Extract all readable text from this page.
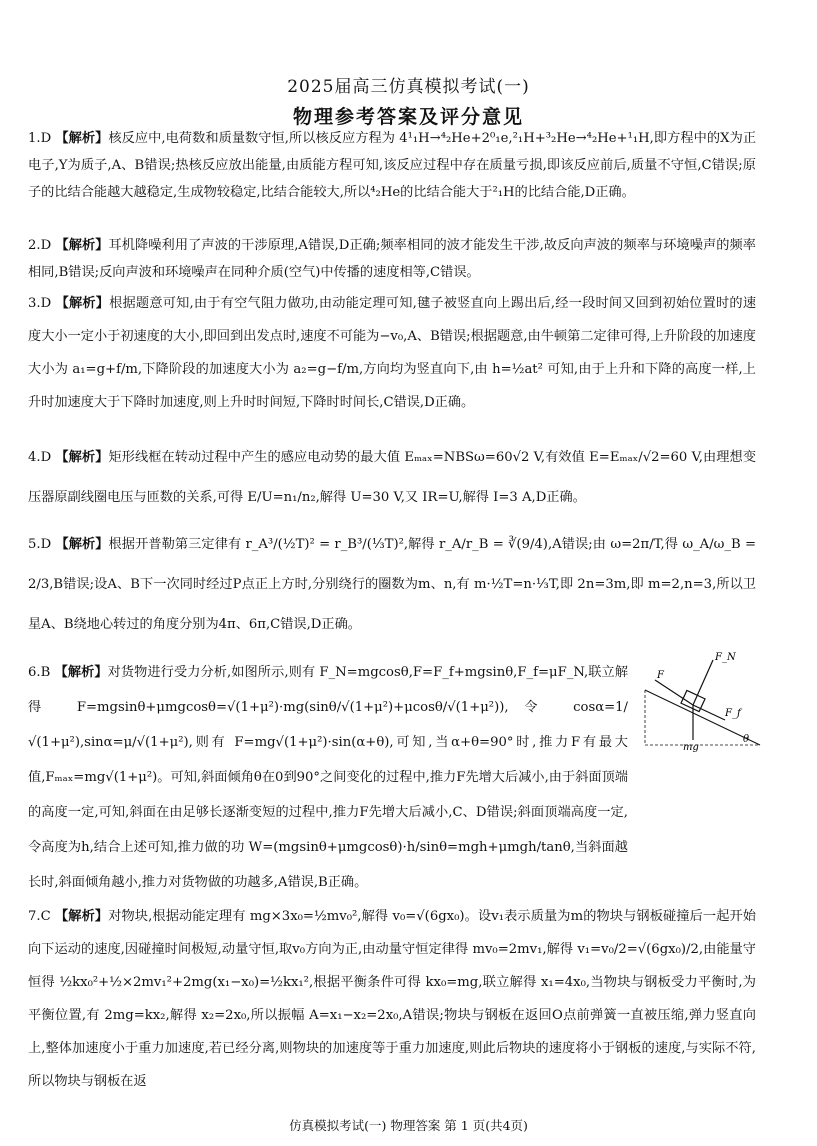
2025届高三仿真模拟考试(一)
物理参考答案及评分意见
1.D 【解析】核反应中,电荷数和质量数守恒,所以核反应方程为 4¹₁H→⁴₂He+2⁰₁e,²₁H+³₂He→⁴₂He+¹₁H,即方程中的X为正电子,Y为质子,A、B错误;热核反应放出能量,由质能方程可知,该反应过程中存在质量亏损,即该反应前后,质量不守恒,C错误;原子的比结合能越大越稳定,生成物较稳定,比结合能较大,所以⁴₂He的比结合能大于²₁H的比结合能,D正确。
2.D 【解析】耳机降噪利用了声波的干涉原理,A错误,D正确;频率相同的波才能发生干涉,故反向声波的频率与环境噪声的频率相同,B错误;反向声波和环境噪声在同种介质(空气)中传播的速度相等,C错误。
3.D 【解析】根据题意可知,由于有空气阻力做功,由动能定理可知,毽子被竖直向上踢出后,经一段时间又回到初始位置时的速度大小一定小于初速度的大小,即回到出发点时,速度不可能为−v₀,A、B错误;根据题意,由牛顿第二定律可得,上升阶段的加速度大小为 a₁=g+f/m,下降阶段的加速度大小为 a₂=g−f/m,方向均为竖直向下,由 h=½at² 可知,由于上升和下降的高度一样,上升时加速度大于下降时加速度,则上升时时间短,下降时时间长,C错误,D正确。
4.D 【解析】矩形线框在转动过程中产生的感应电动势的最大值 Eₘₐₓ=NBSω=60√2 V,有效值 E=Eₘₐₓ/√2=60 V,由理想变压器原副线圈电压与匝数的关系,可得 E/U=n₁/n₂,解得 U=30 V,又 IR=U,解得 I=3 A,D正确。
5.D 【解析】根据开普勒第三定律有 r_A³/(½T)² = r_B³/(⅓T)²,解得 r_A/r_B = ∛(9/4),A错误;由 ω=2π/T,得 ω_A/ω_B = 2/3,B错误;设A、B下一次同时经过P点正上方时,分别绕行的圈数为m、n,有 m·½T=n·⅓T,即 2n=3m,即 m=2,n=3,所以卫星A、B绕地心转过的角度分别为4π、6π,C错误,D正确。
6.B 【解析】对货物进行受力分析,如图所示,则有 F_N=mgcosθ,F=F_f+mgsinθ,F_f=μF_N,联立解得 F=mgsinθ+μmgcosθ=√(1+μ²)·mg(sinθ/√(1+μ²)+μcosθ/√(1+μ²)),令 cosα=1/√(1+μ²),sinα=μ/√(1+μ²),则有 F=mg√(1+μ²)·sin(α+θ),可知,当α+θ=90°时,推力F有最大值,Fₘₐₓ=mg√(1+μ²)。可知,斜面倾角θ在0到90°之间变化的过程中,推力F先增大后减小,由于斜面顶端的高度一定,可知,斜面在由足够长逐渐变短的过程中,推力F先增大后减小,C、D错误;斜面顶端高度一定,令高度为h,结合上述可知,推力做的功 W=(mgsinθ+μmgcosθ)·h/sinθ=mgh+μmgh/tanθ,当斜面越长时,斜面倾角越小,推力对货物做的功越多,A错误,B正确。
F_N
F
F_f
mg
θ
7.C 【解析】对物块,根据动能定理有 mg×3x₀=½mv₀²,解得 v₀=√(6gx₀)。设v₁表示质量为m的物块与钢板碰撞后一起开始向下运动的速度,因碰撞时间极短,动量守恒,取v₀方向为正,由动量守恒定律得 mv₀=2mv₁,解得 v₁=v₀/2=√(6gx₀)/2,由能量守恒得 ½kx₀²+½×2mv₁²+2mg(x₁−x₀)=½kx₁²,根据平衡条件可得 kx₀=mg,联立解得 x₁=4x₀,当物块与钢板受力平衡时,为平衡位置,有 2mg=kx₂,解得 x₂=2x₀,所以振幅 A=x₁−x₂=2x₀,A错误;物块与钢板在返回O点前弹簧一直被压缩,弹力竖直向上,整体加速度小于重力加速度,若已经分离,则物块的加速度等于重力加速度,则此后物块的速度将小于钢板的速度,与实际不符,所以物块与钢板在返
仿真模拟考试(一) 物理答案 第 1 页(共4页)
